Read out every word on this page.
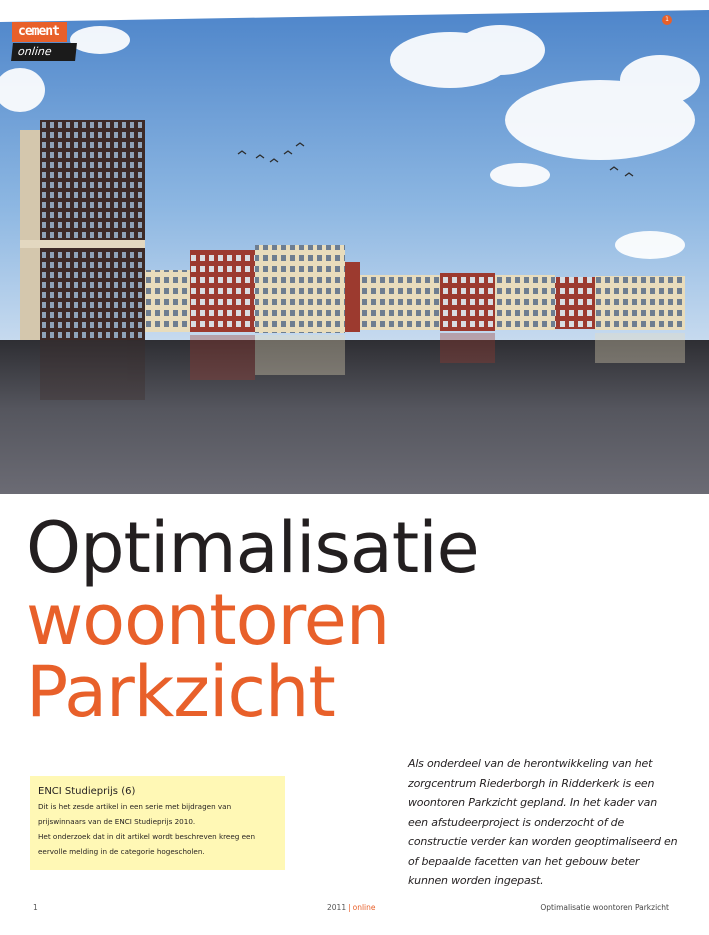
cement
online
1
Optimalisatie
woontoren
Parkzicht
Als onderdeel van de herontwikkeling van het zorgcentrum Riederborgh in Ridderkerk is een woontoren Parkzicht gepland. In het kader van een afstudeerproject is onderzocht of de constructie verder kan worden geoptimaliseerd en of bepaalde facetten van het gebouw beter kunnen worden ingepast.
ENCI Studieprijs (6)
Dit is het zesde artikel in een serie met bijdragen van
prijswinnaars van de ENCI Studieprijs 2010.
Het onderzoek dat in dit artikel wordt beschreven kreeg een
eervolle melding in de categorie hogescholen.
1	2011 | online	Optimalisatie woontoren Parkzicht
